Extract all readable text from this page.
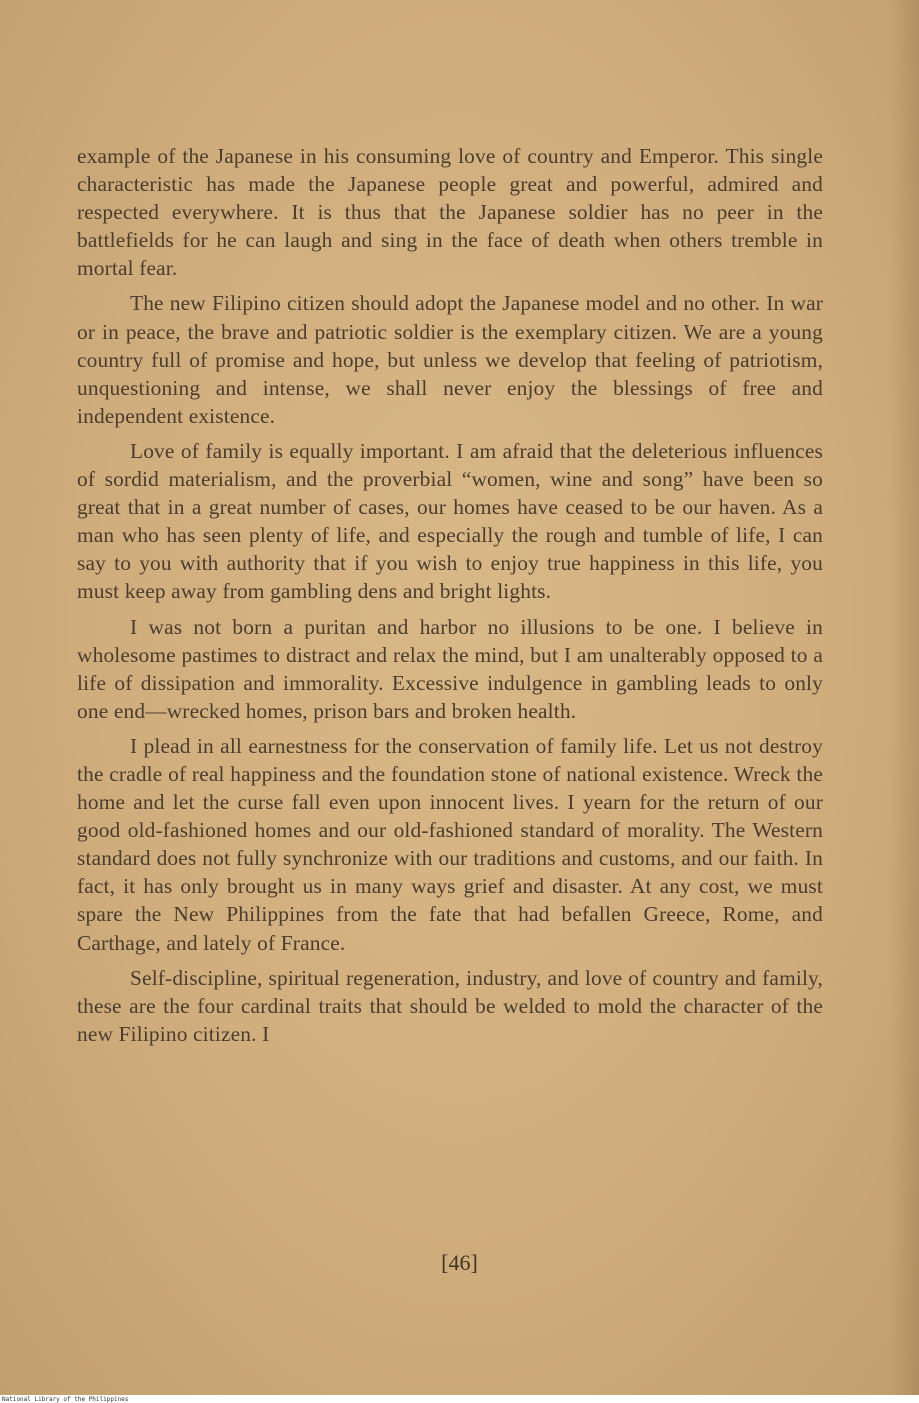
example of the Japanese in his consuming love of country and Emperor. This single characteristic has made the Japanese people great and powerful, admired and respected everywhere. It is thus that the Japanese soldier has no peer in the battlefields for he can laugh and sing in the face of death when others tremble in mortal fear.

The new Filipino citizen should adopt the Japanese model and no other. In war or in peace, the brave and patriotic soldier is the exemplary citizen. We are a young country full of promise and hope, but unless we develop that feeling of patriotism, unquestioning and intense, we shall never enjoy the blessings of free and independent existence.

Love of family is equally important. I am afraid that the deleterious influences of sordid materialism, and the proverbial “women, wine and song” have been so great that in a great number of cases, our homes have ceased to be our haven. As a man who has seen plenty of life, and especially the rough and tumble of life, I can say to you with authority that if you wish to enjoy true happiness in this life, you must keep away from gambling dens and bright lights.

I was not born a puritan and harbor no illusions to be one. I believe in wholesome pastimes to distract and relax the mind, but I am unalterably opposed to a life of dissipation and immorality. Excessive indulgence in gambling leads to only one end—wrecked homes, prison bars and broken health.

I plead in all earnestness for the conservation of family life. Let us not destroy the cradle of real happiness and the foundation stone of national existence. Wreck the home and let the curse fall even upon innocent lives. I yearn for the return of our good old-fashioned homes and our old-fashioned standard of morality. The Western standard does not fully synchronize with our traditions and customs, and our faith. In fact, it has only brought us in many ways grief and disaster. At any cost, we must spare the New Philippines from the fate that had befallen Greece, Rome, and Carthage, and lately of France.

Self-discipline, spiritual regeneration, industry, and love of country and family, these are the four cardinal traits that should be welded to mold the character of the new Filipino citizen. I

[46]
National Library of the Philippines
